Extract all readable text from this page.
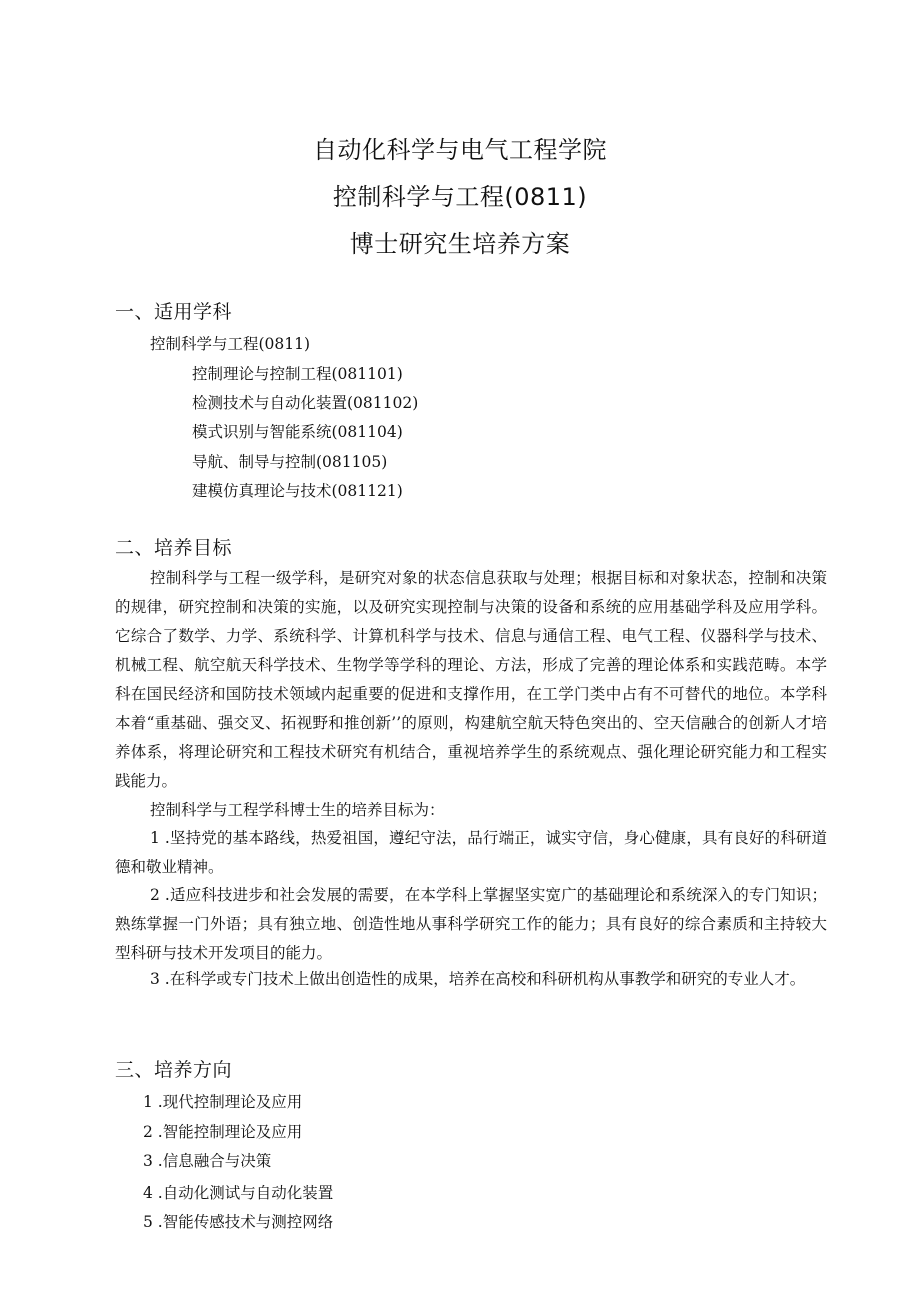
自动化科学与电气工程学院
控制科学与工程(0811)
博士研究生培养方案
一、适用学科
控制科学与工程(0811)
控制理论与控制工程(081101)
检测技术与自动化装置(081102)
模式识别与智能系统(081104)
导航、制导与控制(081105)
建模仿真理论与技术(081121)
二、培养目标
控制科学与工程一级学科，是研究对象的状态信息获取与处理；根据目标和对象状态，控制和决策的规律，研究控制和决策的实施，以及研究实现控制与决策的设备和系统的应用基础学科及应用学科。它综合了数学、力学、系统科学、计算机科学与技术、信息与通信工程、电气工程、仪器科学与技术、机械工程、航空航天科学技术、生物学等学科的理论、方法，形成了完善的理论体系和实践范畴。本学科在国民经济和国防技术领域内起重要的促进和支撑作用，在工学门类中占有不可替代的地位。本学科本着“重基础、强交叉、拓视野和推创新’’的原则，构建航空航天特色突出的、空天信融合的创新人才培养体系，将理论研究和工程技术研究有机结合，重视培养学生的系统观点、强化理论研究能力和工程实践能力。
控制科学与工程学科博士生的培养目标为：
1 .坚持党的基本路线，热爱祖国，遵纪守法，品行端正，诚实守信，身心健康，具有良好的科研道德和敬业精神。
2 .适应科技进步和社会发展的需要，在本学科上掌握坚实宽广的基础理论和系统深入的专门知识；熟练掌握一门外语；具有独立地、创造性地从事科学研究工作的能力；具有良好的综合素质和主持较大型科研与技术开发项目的能力。
3 .在科学或专门技术上做出创造性的成果，培养在高校和科研机构从事教学和研究的专业人才。
三、培养方向
1 .现代控制理论及应用
2 .智能控制理论及应用
3 .信息融合与决策
4 .自动化测试与自动化装置
5 .智能传感技术与测控网络
